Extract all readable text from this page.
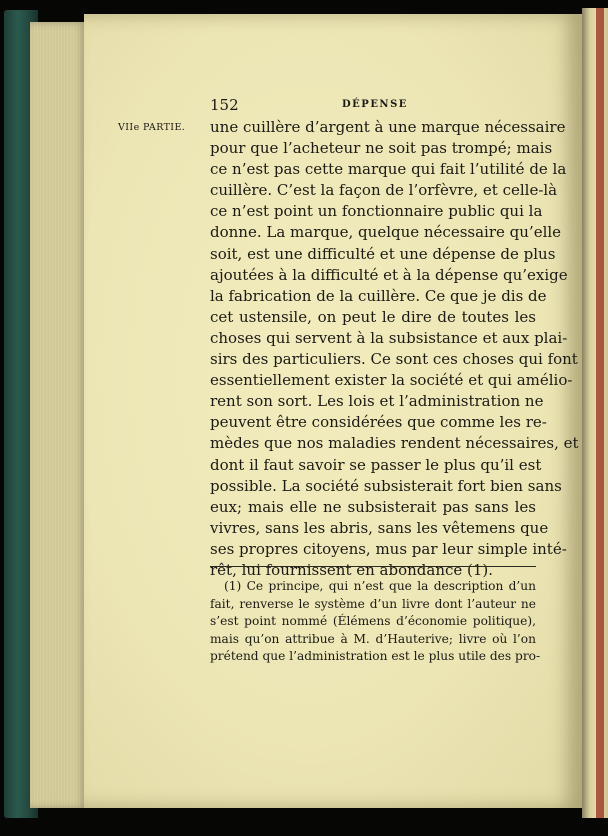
152	DÉPENSE
VIIe PARTIE. une cuillère d’argent à une marque nécessaire
pour que l’acheteur ne soit pas trompé; mais
ce n’est pas cette marque qui fait l’utilité de la
cuillère. C’est la façon de l’orfèvre, et celle-là
ce n’est point un fonctionnaire public qui la
donne. La marque, quelque nécessaire qu’elle
soit, est une difficulté et une dépense de plus
ajoutées à la difficulté et à la dépense qu’exige
la fabrication de la cuillère. Ce que je dis de
cet ustensile, on peut le dire de toutes les
choses qui servent à la subsistance et aux plai-
sirs des particuliers. Ce sont ces choses qui font
essentiellement exister la société et qui amélio-
rent son sort. Les lois et l’administration ne
peuvent être considérées que comme les re-
mèdes que nos maladies rendent nécessaires, et
dont il faut savoir se passer le plus qu’il est
possible. La société subsisterait fort bien sans
eux; mais elle ne subsisterait pas sans les
vivres, sans les abris, sans les vêtemens que
ses propres citoyens, mus par leur simple inté-
rêt, lui fournissent en abondance (1).
(1) Ce principe, qui n’est que la description d’un
fait, renverse le système d’un livre dont l’auteur ne
s’est point nommé (Élémens d’économie politique),
mais qu’on attribue à M. d’Hauterive; livre où l’on
prétend que l’administration est le plus utile des pro-
